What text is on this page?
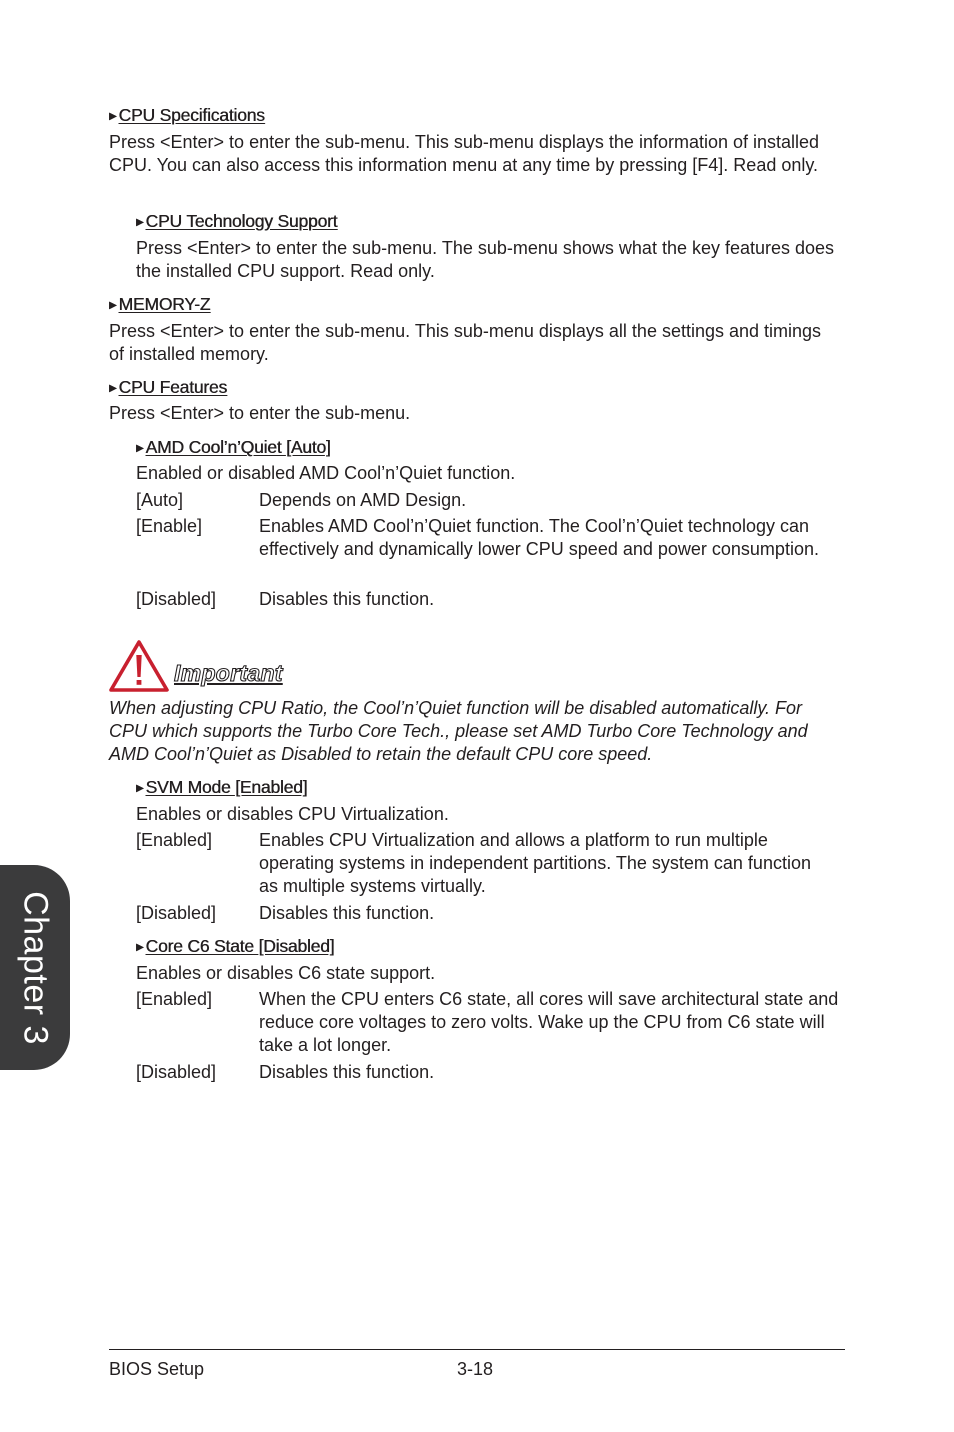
▶ CPU Specifications
Press <Enter> to enter the sub-menu. This sub-menu displays the information of installed CPU. You can also access this information menu at any time by pressing [F4]. Read only.
▶ CPU Technology Support
Press <Enter> to enter the sub-menu. The sub-menu shows what the key features does the installed CPU support. Read only.
▶ MEMORY-Z
Press <Enter> to enter the sub-menu. This sub-menu displays all the settings and timings of installed memory.
▶ CPU Features
Press <Enter> to enter the sub-menu.
▶ AMD Cool’n’Quiet [Auto]
Enabled or disabled AMD Cool’n’Quiet function.
[Auto]	Depends on AMD Design.
[Enable]	Enables AMD Cool’n’Quiet function. The Cool’n’Quiet technology can effectively and dynamically lower CPU speed and power consumption.
[Disabled] Disables this function.
Important
When adjusting CPU Ratio, the Cool’n’Quiet function will be disabled automatically. For CPU which supports the Turbo Core Tech., please set AMD Turbo Core Technology and AMD Cool’n’Quiet as Disabled to retain the default CPU core speed.
▶ SVM Mode [Enabled]
Enables or disables CPU Virtualization.
[Enabled]	Enables CPU Virtualization and allows a platform to run multiple operating systems in independent partitions. The system can function as multiple systems virtually.
[Disabled] Disables this function.
▶ Core C6 State [Disabled]
Enables or disables C6 state support.
[Enabled]	When the CPU enters C6 state, all cores will save architectural state and reduce core voltages to zero volts. Wake up the CPU from C6 state will take a lot longer.
[Disabled] Disables this function.
Chapter 3
BIOS Setup	3-18
